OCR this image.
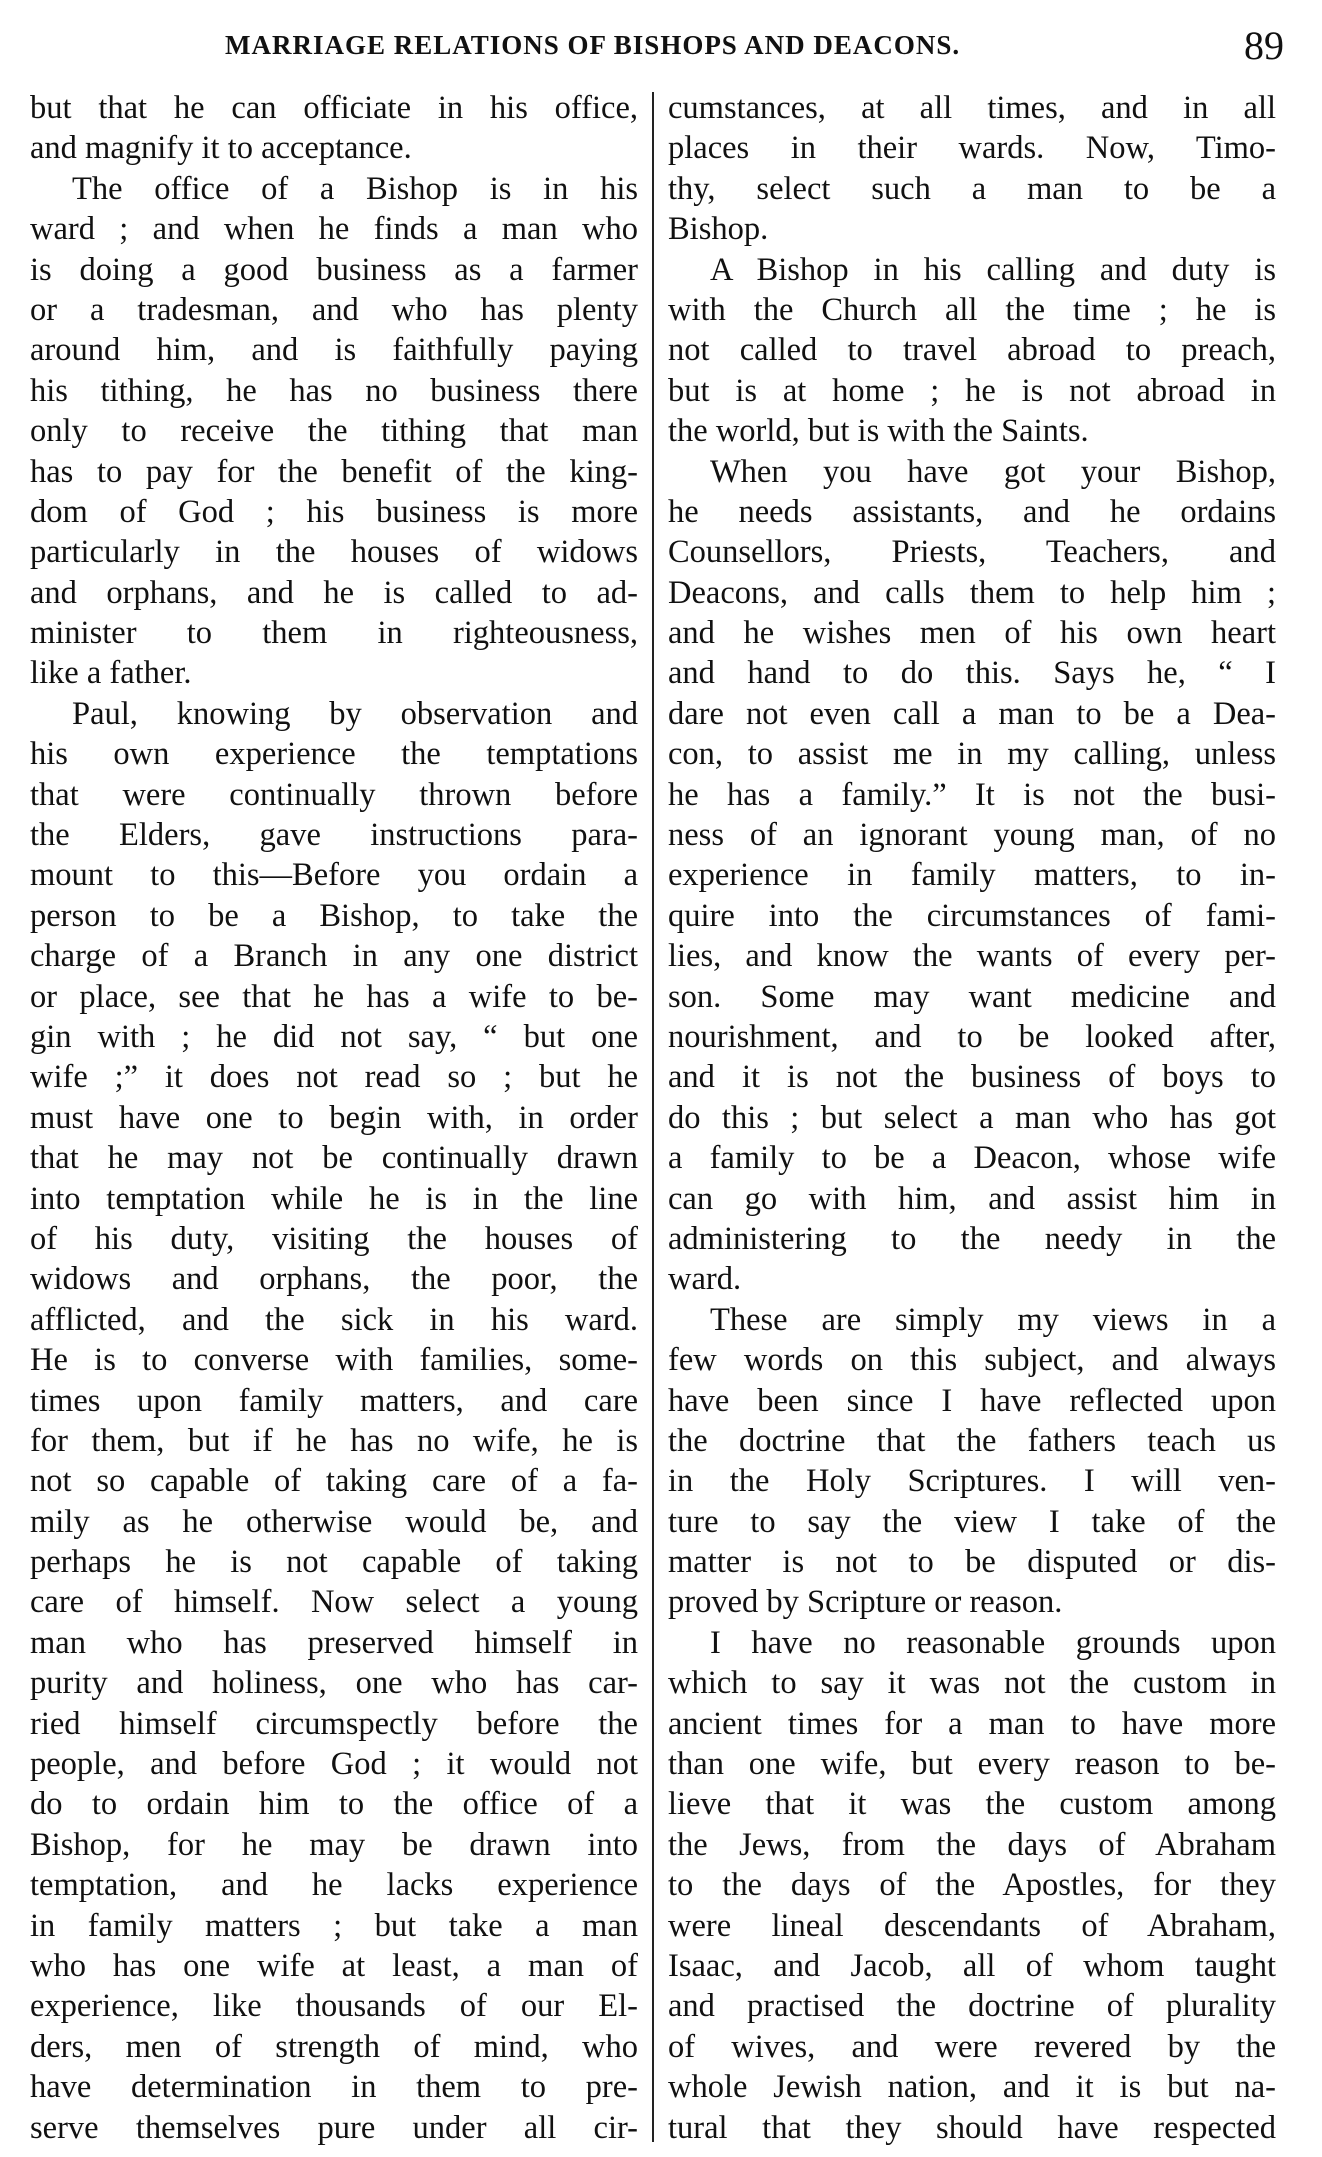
MARRIAGE RELATIONS OF BISHOPS AND DEACONS.	89
but that he can officiate in his office,
and magnify it to acceptance.
The office of a Bishop is in his
ward ; and when he finds a man who
is doing a good business as a farmer
or a tradesman, and who has plenty
around him, and is faithfully paying
his tithing, he has no business there
only to receive the tithing that man
has to pay for the benefit of the king-
dom of God ; his business is more
particularly in the houses of widows
and orphans, and he is called to ad-
minister to them in righteousness,
like a father.
Paul, knowing by observation and
his own experience the temptations
that were continually thrown before
the Elders, gave instructions para-
mount to this—Before you ordain a
person to be a Bishop, to take the
charge of a Branch in any one district
or place, see that he has a wife to be-
gin with ; he did not say, “ but one
wife ;” it does not read so ; but he
must have one to begin with, in order
that he may not be continually drawn
into temptation while he is in the line
of his duty, visiting the houses of
widows and orphans, the poor, the
afflicted, and the sick in his ward.
He is to converse with families, some-
times upon family matters, and care
for them, but if he has no wife, he is
not so capable of taking care of a fa-
mily as he otherwise would be, and
perhaps he is not capable of taking
care of himself. Now select a young
man who has preserved himself in
purity and holiness, one who has car-
ried himself circumspectly before the
people, and before God ; it would not
do to ordain him to the office of a
Bishop, for he may be drawn into
temptation, and he lacks experience
in family matters ; but take a man
who has one wife at least, a man of
experience, like thousands of our El-
ders, men of strength of mind, who
have determination in them to pre-
serve themselves pure under all cir-
cumstances, at all times, and in all
places in their wards. Now, Timo-
thy, select such a man to be a
Bishop.
A Bishop in his calling and duty is
with the Church all the time ; he is
not called to travel abroad to preach,
but is at home ; he is not abroad in
the world, but is with the Saints.
When you have got your Bishop,
he needs assistants, and he ordains
Counsellors, Priests, Teachers, and
Deacons, and calls them to help him ;
and he wishes men of his own heart
and hand to do this. Says he, “ I
dare not even call a man to be a Dea-
con, to assist me in my calling, unless
he has a family.” It is not the busi-
ness of an ignorant young man, of no
experience in family matters, to in-
quire into the circumstances of fami-
lies, and know the wants of every per-
son. Some may want medicine and
nourishment, and to be looked after,
and it is not the business of boys to
do this ; but select a man who has got
a family to be a Deacon, whose wife
can go with him, and assist him in
administering to the needy in the
ward.
These are simply my views in a
few words on this subject, and always
have been since I have reflected upon
the doctrine that the fathers teach us
in the Holy Scriptures. I will ven-
ture to say the view I take of the
matter is not to be disputed or dis-
proved by Scripture or reason.
I have no reasonable grounds upon
which to say it was not the custom in
ancient times for a man to have more
than one wife, but every reason to be-
lieve that it was the custom among
the Jews, from the days of Abraham
to the days of the Apostles, for they
were lineal descendants of Abraham,
Isaac, and Jacob, all of whom taught
and practised the doctrine of plurality
of wives, and were revered by the
whole Jewish nation, and it is but na-
tural that they should have respected
